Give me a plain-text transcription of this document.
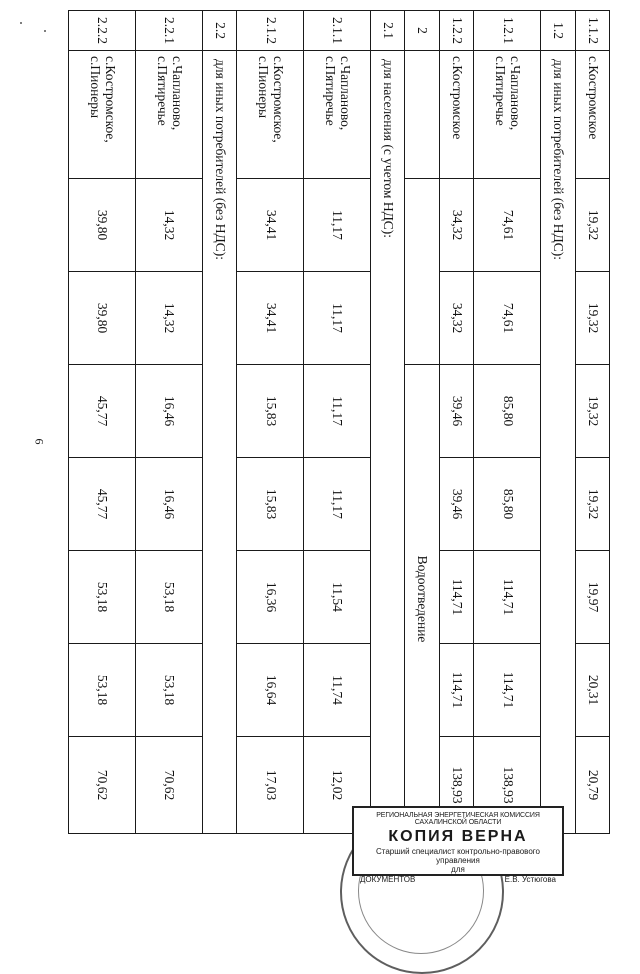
6
1.1.2	с.Костромское	19,32	19,32	19,32	19,32	19,97	20,31	20,79
1.2	для иных потребителей (без НДС):							
1.2.1	с.Чапланово, с.Пятиречье	74,61	74,61	85,80	85,80	114,71	114,71	138,93
1.2.2	с.Костромское	34,32	34,32	39,46	39,46	114,71	114,71	138,93
2				Водоотведение				
2.1	для населения (с учетом НДС):							
2.1.1	с.Чапланово, с.Пятиречье	11,17	11,17	11,17	11,17	11,54	11,74	12,02
2.1.2	с.Костромское, с.Пионеры	34,41	34,41	15,83	15,83	16,36	16,64	17,03
2.2	для иных потребителей (без НДС):							
2.2.1	с.Чапланово, с.Пятиречье	14,32	14,32	16,46	16,46	53,18	53,18	70,62
2.2.2	с.Костромское, с.Пионеры	39,80	39,80	45,77	45,77	53,18	53,18	70,62
РЕГИОНАЛЬНАЯ ЭНЕРГЕТИЧЕСКАЯ КОМИССИЯ САХАЛИНСКОЙ ОБЛАСТИ
КОПИЯ ВЕРНА
Старший специалист контрольно-правового управления
для
ДОКУМЕНТОВ	Е.В. Устюгова
